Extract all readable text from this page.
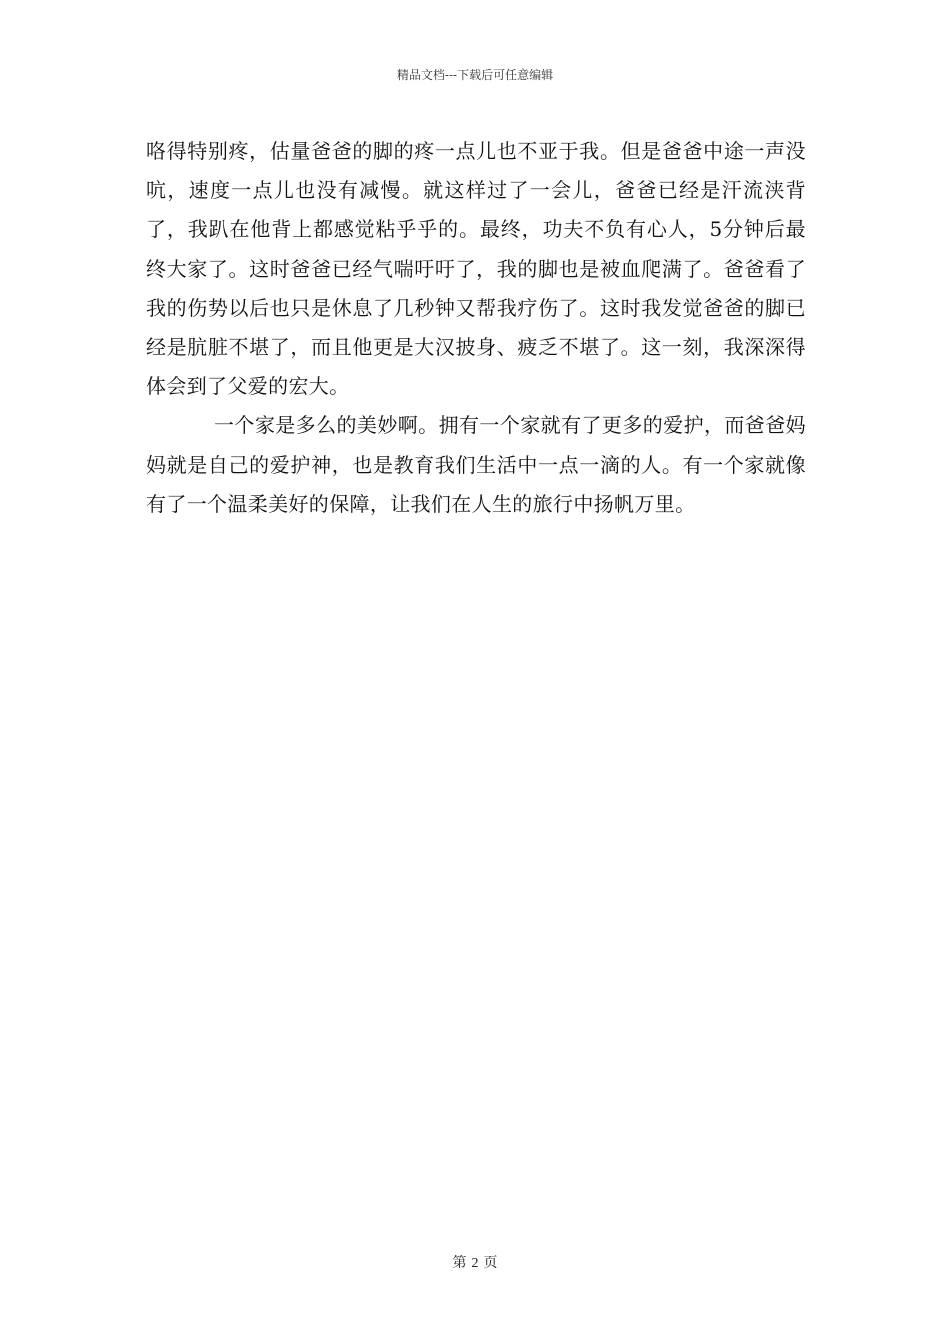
精品文档---下载后可任意编辑

咯得特别疼，估量爸爸的脚的疼一点儿也不亚于我。但是爸爸中途一声没吭，速度一点儿也没有减慢。就这样过了一会儿，爸爸已经是汗流浃背了，我趴在他背上都感觉粘乎乎的。最终，功夫不负有心人，5分钟后最终大家了。这时爸爸已经气喘吁吁了，我的脚也是被血爬满了。爸爸看了我的伤势以后也只是休息了几秒钟又帮我疗伤了。这时我发觉爸爸的脚已经是肮脏不堪了，而且他更是大汉披身、疲乏不堪了。这一刻，我深深得体会到了父爱的宏大。

一个家是多么的美妙啊。拥有一个家就有了更多的爱护，而爸爸妈妈就是自己的爱护神，也是教育我们生活中一点一滴的人。有一个家就像有了一个温柔美好的保障，让我们在人生的旅行中扬帆万里。

第 2 页
